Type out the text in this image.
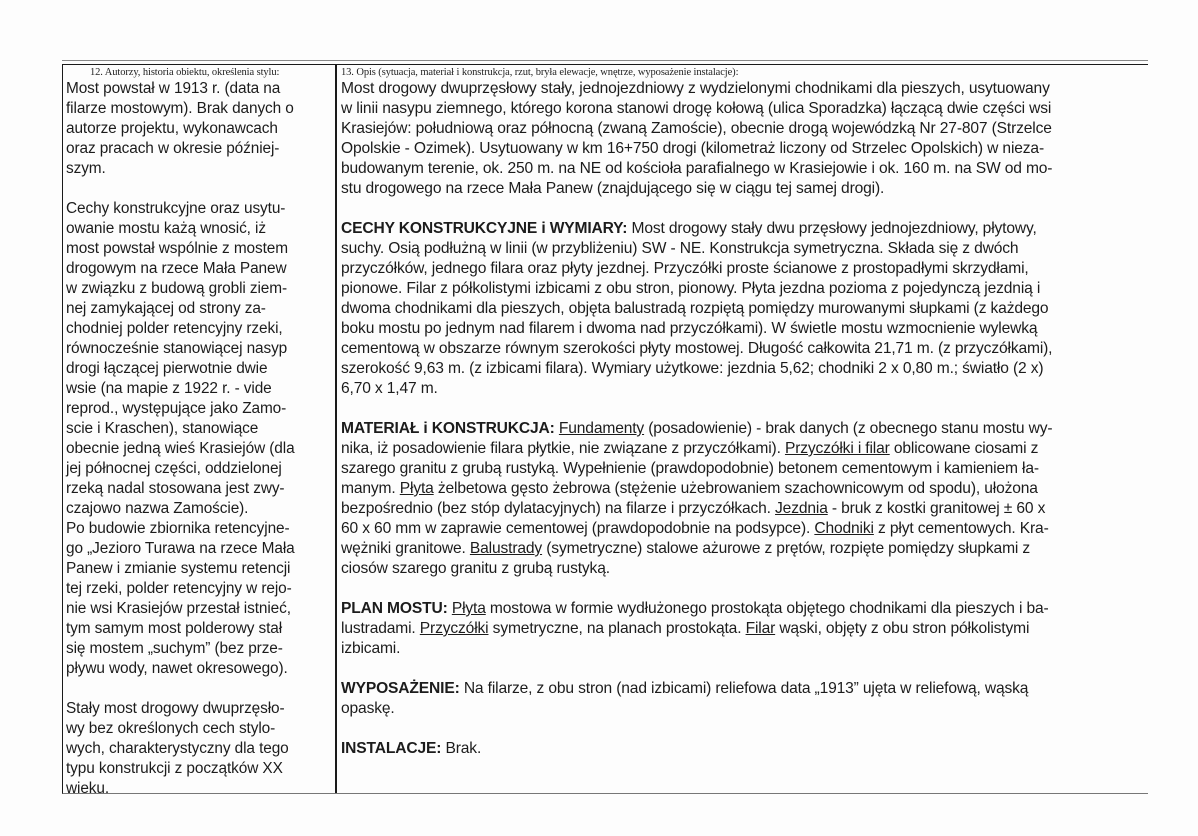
12. Autorzy, historia obiektu, określenia stylu:
Most powstał w 1913 r. (data na
filarze mostowym). Brak danych o
autorze projektu, wykonawcach
oraz pracach w okresie później-
szym.
Cechy konstrukcyjne oraz usytu-
owanie mostu każą wnosić, iż
most powstał wspólnie z mostem
drogowym na rzece Mała Panew
w związku z budową grobli ziem-
nej zamykającej od strony za-
chodniej polder retencyjny rzeki,
równocześnie stanowiącej nasyp
drogi łączącej pierwotnie dwie
wsie (na mapie z 1922 r. - vide
reprod., występujące jako Zamo-
scie i Kraschen), stanowiące
obecnie jedną wieś Krasiejów (dla
jej północnej części, oddzielonej
rzeką nadal stosowana jest zwy-
czajowo nazwa Zamoście).
Po budowie zbiornika retencyjne-
go „Jezioro Turawa na rzece Mała
Panew i zmianie systemu retencji
tej rzeki, polder retencyjny w rejo-
nie wsi Krasiejów przestał istnieć,
tym samym most polderowy stał
się mostem „suchym” (bez prze-
pływu wody, nawet okresowego).
Stały most drogowy dwuprzęsło-
wy bez określonych cech stylo-
wych, charakterystyczny dla tego
typu konstrukcji z początków XX
wieku.
13. Opis (sytuacja, materiał i konstrukcja, rzut, bryła elewacje, wnętrze, wyposażenie instalacje):
Most drogowy dwuprzęsłowy stały, jednojezdniowy z wydzielonymi chodnikami dla pieszych, usytuowany
w linii nasypu ziemnego, którego korona stanowi drogę kołową (ulica Sporadzka) łączącą dwie części wsi
Krasiejów: południową oraz północną (zwaną Zamoście), obecnie drogą wojewódzką Nr 27-807 (Strzelce
Opolskie - Ozimek). Usytuowany w km 16+750 drogi (kilometraż liczony od Strzelec Opolskich) w nieza-
budowanym terenie, ok. 250 m. na NE od kościoła parafialnego w Krasiejowie i ok. 160 m. na SW od mo-
stu drogowego na rzece Mała Panew (znajdującego się w ciągu tej samej drogi).
CECHY KONSTRUKCYJNE i WYMIARY: Most drogowy stały dwu przęsłowy jednojezdniowy, płytowy,
suchy. Osią podłużną w linii (w przybliżeniu) SW - NE. Konstrukcja symetryczna. Składa się z dwóch
przyczółków, jednego filara oraz płyty jezdnej. Przyczółki proste ścianowe z prostopadłymi skrzydłami,
pionowe. Filar z półkolistymi izbicami z obu stron, pionowy. Płyta jezdna pozioma z pojedynczą jezdnią i
dwoma chodnikami dla pieszych, objęta balustradą rozpiętą pomiędzy murowanymi słupkami (z każdego
boku mostu po jednym nad filarem i dwoma nad przyczółkami). W świetle mostu wzmocnienie wylewką
cementową w obszarze równym szerokości płyty mostowej. Długość całkowita 21,71 m. (z przyczółkami),
szerokość 9,63 m. (z izbicami filara). Wymiary użytkowe: jezdnia 5,62; chodniki 2 x 0,80 m.; światło (2 x)
6,70 x 1,47 m.
MATERIAŁ i KONSTRUKCJA: Fundamenty (posadowienie) - brak danych (z obecnego stanu mostu wy-
nika, iż posadowienie filara płytkie, nie związane z przyczółkami). Przyczółki i filar oblicowane ciosami z
szarego granitu z grubą rustyką. Wypełnienie (prawdopodobnie) betonem cementowym i kamieniem ła-
manym. Płyta żelbetowa gęsto żebrowa (stężenie użebrowaniem szachownicowym od spodu), ułożona
bezpośrednio (bez stóp dylatacyjnych) na filarze i przyczółkach. Jezdnia - bruk z kostki granitowej ± 60 x
60 x 60 mm w zaprawie cementowej (prawdopodobnie na podsypce). Chodniki z płyt cementowych. Kra-
wężniki granitowe. Balustrady (symetryczne) stalowe ażurowe z prętów, rozpięte pomiędzy słupkami z
ciosów szarego granitu z grubą rustyką.
PLAN MOSTU: Płyta mostowa w formie wydłużonego prostokąta objętego chodnikami dla pieszych i ba-
lustradami. Przyczółki symetryczne, na planach prostokąta. Filar wąski, objęty z obu stron półkolistymi
izbicami.
WYPOSAŻENIE: Na filarze, z obu stron (nad izbicami) reliefowa data „1913” ujęta w reliefową, wąską
opaskę.
INSTALACJE: Brak.
